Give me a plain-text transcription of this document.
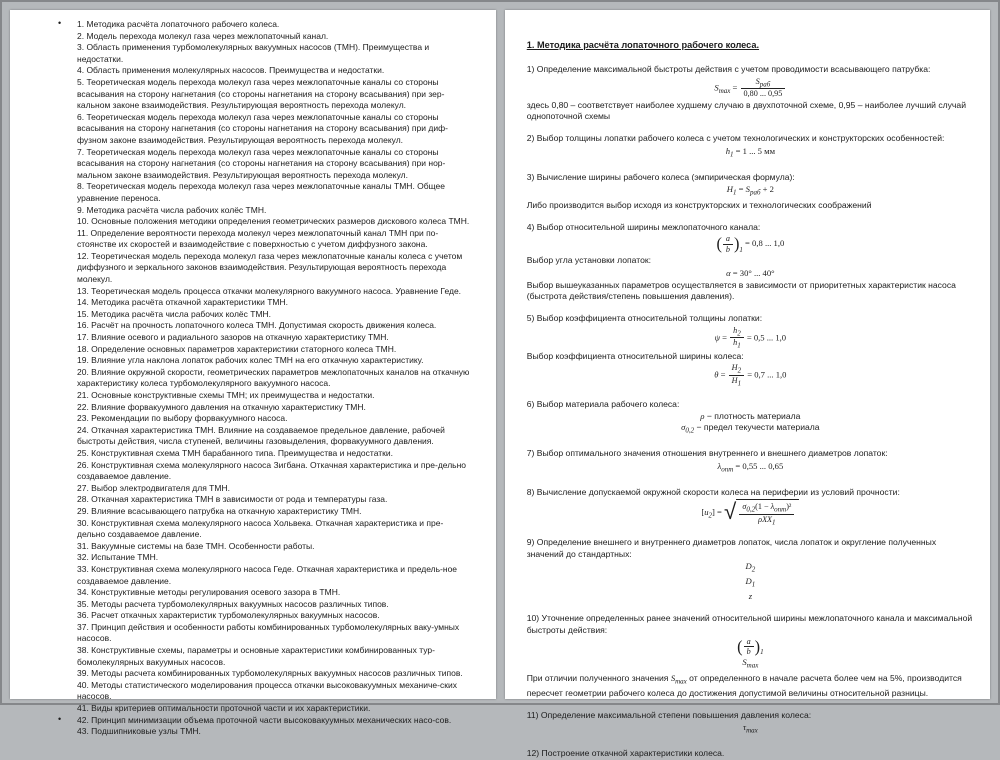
• 1. Методика расчёта лопаточного рабочего колеса.
2. Модель перехода молекул газа через межлопаточный канал.
3. Область применения турбомолекулярных вакуумных насосов (ТМН). Преимущества и недостатки.
4. Область применения молекулярных насосов. Преимущества и недостатки.
5. Теоретическая модель перехода молекул газа через межлопаточные каналы со стороны всасывания на сторону нагнетания (со стороны нагнетания на сторону всасывания) при зер-кальном законе взаимодействия. Результирующая вероятность перехода молекул.
6. Теоретическая модель перехода молекул газа через межлопаточные каналы со стороны всасывания на сторону нагнетания (со стороны нагнетания на сторону всасывания) при диф-фузном законе взаимодействия. Результирующая вероятность перехода молекул.
7. Теоретическая модель перехода молекул газа через межлопаточные каналы со стороны всасывания на сторону нагнетания (со стороны нагнетания на сторону всасывания) при нор-мальном законе взаимодействия. Результирующая вероятность перехода молекул.
8. Теоретическая модель перехода молекул газа через межлопаточные каналы ТМН. Общее уравнение переноса.
9. Методика расчёта числа рабочих колёс ТМН.
10. Основные положения методики определения геометрических размеров дискового колеса ТМН.
11. Определение вероятности перехода молекул через межлопаточный канал ТМН при по-стоянстве их скоростей и взаимодействие с поверхностью с учетом диффузного закона.
12. Теоретическая модель перехода молекул газа через межлопаточные каналы колеса с учетом диффузного и зеркального законов взаимодействия. Результирующая вероятность перехода молекул.
13. Теоретическая модель процесса откачки молекулярного вакуумного насоса. Уравнение Геде.
14. Методика расчёта откачной характеристики ТМН.
15. Методика расчёта числа рабочих колёс ТМН.
16. Расчёт на прочность лопаточного колеса ТМН. Допустимая скорость движения колеса.
17. Влияние осевого и радиального зазоров на откачную характеристику ТМН.
18. Определение основных параметров характеристики статорного колеса ТМН.
19. Влияние угла наклона лопаток рабочих колес ТМН на его откачную характеристику.
20. Влияние окружной скорости, геометрических параметров межлопаточных каналов на откачную характеристику колеса турбомолекулярного вакуумного насоса.
21. Основные конструктивные схемы ТМН; их преимущества и недостатки.
22. Влияние форвакуумного давления на откачную характеристику ТМН.
23. Рекомендации по выбору форвакуумного насоса.
24. Откачная характеристика ТМН. Влияние на создаваемое предельное давление, рабочей быстроты действия, числа ступеней, величины газовыделения, форвакуумного давления.
25. Конструктивная схема ТМН барабанного типа. Преимущества и недостатки.
26. Конструктивная схема молекулярного насоса Зигбана. Откачная характеристика и пре-дельно создаваемое давление.
27. Выбор электродвигателя для ТМН.
28. Откачная характеристика ТМН в зависимости от рода и температуры газа.
29. Влияние всасывающего патрубка на откачную характеристику ТМН.
30. Конструктивная схема молекулярного насоса Хольвека. Откачная характеристика и пре-дельно создаваемое давление.
31. Вакуумные системы на базе ТМН. Особенности работы.
32. Испытание ТМН.
33. Конструктивная схема молекулярного насоса Геде. Откачная характеристика и предель-ное создаваемое давление.
34. Конструктивные методы регулирования осевого зазора в ТМН.
35. Методы расчета турбомолекулярных вакуумных насосов различных типов.
36. Расчет откачных характеристик турбомолекулярных вакуумных насосов.
37. Принцип действия и особенности работы комбинированных турбомолекулярных ваку-умных насосов.
38. Конструктивные схемы, параметры и основные характеристики комбинированных тур-бомолекулярных вакуумных насосов.
39. Методы расчета комбинированных турбомолекулярных вакуумных насосов различных типов.
40. Методы статистического моделирования процесса откачки высоковакуумных механиче-ских насосов.
41. Виды критериев оптимальности проточной части и их характеристики.
• 42. Принцип минимизации объема проточной части высоковакуумных механических насо-сов.
43. Подшипниковые узлы ТМН.
1. Методика расчёта лопаточного рабочего колеса.
1) Определение максимальной быстроты действия с учетом проводимости всасывающего патрубка:
$S_{max} = \frac{S_{раб}}{0,80 ... 0,95}$
здесь 0,80 – соответствует наиболее худшему случаю в двухпоточной схеме, 0,95 – наиболее лучший случай однопоточной схемы
2) Выбор толщины лопатки рабочего колеса с учетом технологических и конструкторских особенностей:
$h_1 = 1$ ... 5 мм
3) Вычисление ширины рабочего колеса (эмпирическая формула):
$H_1 = S_{раб} + 2$
Либо производится выбор исходя из конструкторских и технологических соображений
4) Выбор относительной ширины межлопаточного канала:
( $\frac{a}{b}$ ) 1
= 0,8 ... 1,0
Выбор угла установки лопаток:
α = 30° ... 40°
Выбор вышеуказанных параметров осуществляется в зависимости от приоритетных характеристик насоса (быстрота действия/степень повышения давления).
5) Выбор коэффициента относительной толщины лопатки:
$\psi = \frac{h_2}{h_1} = 0,5$ ... 1,0
Выбор коэффициента относительной ширины колеса:
$\theta = \frac{H_2}{H_1} = 0,7$ ... 1,0
6) Выбор материала рабочего колеса:
ρ − плотность материала
$\sigma_{0,2}$ − предел текучести материала
7) Выбор оптимального значения отношения внутреннего и внешнего диаметров лопаток:
$\lambda_{опт} = 0,55$ ... 0,65
8) Вычисление допускаемой окружной скорости колеса на периферии из условий прочности:
$[u_2]$ = √ $\frac{\sigma_{0,2}(1 - \lambda_{опт})^2}{\rho XX_1}$
9) Определение внешнего и внутреннего диаметров лопаток, числа лопаток и округление полученных значений до стандартных:
$D_2$
$D_1$
z
10) Уточнение определенных ранее значений относительной ширины межлопаточного канала и максимальной быстроты действия:
( $\frac{a}{b}$ ) 1
$S_{max}$
При отличии полученного значения $S_{max}$ от определенного в начале расчета более чем на 5%, производится пересчет геометрии рабочего колеса до достижения допустимой величины относительной разницы.
11) Определение максимальной степени повышения давления колеса:
$\tau_{max}$
12) Построение откачной характеристики колеса.
